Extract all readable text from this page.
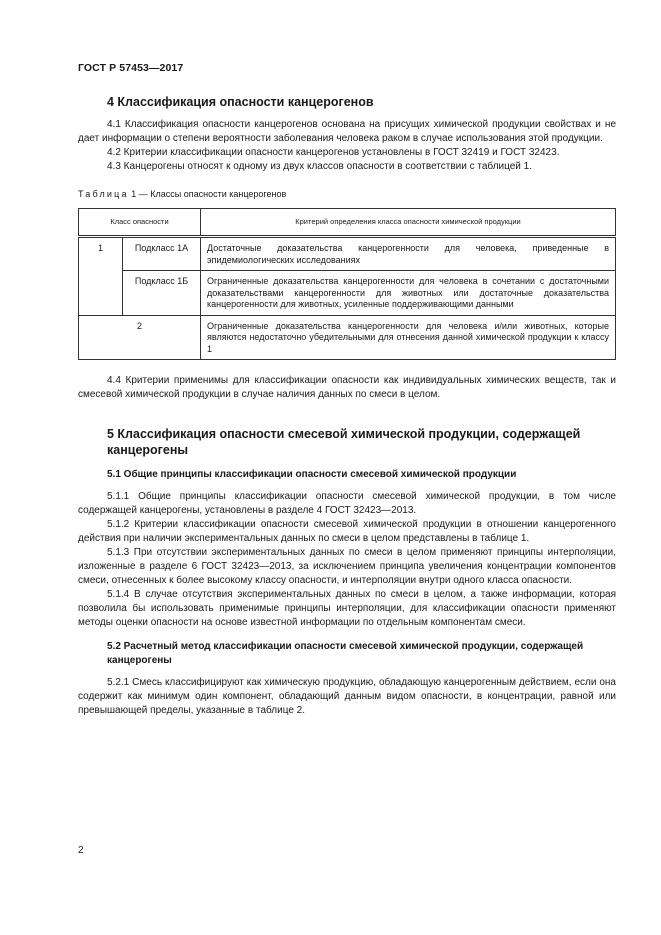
ГОСТ Р 57453—2017
4 Классификация опасности канцерогенов

4.1 Классификация опасности канцерогенов основана на присущих химической продукции свойствах и не дает информации о степени вероятности заболевания человека раком в случае использования этой продукции.

4.2 Критерии классификации опасности канцерогенов установлены в ГОСТ 32419 и ГОСТ 32423.

4.3 Канцерогены относят к одному из двух классов опасности в соответствии с таблицей 1.

Таблица 1 — Классы опасности канцерогенов
Класс опасности		Критерий определения класса опасности химической продукции
1	Подкласс 1А	Достаточные доказательства канцерогенности для человека, приведенные в эпидемиологических исследованиях
	Подкласс 1Б	Ограниченные доказательства канцерогенности для человека в сочетании с достаточными доказательствами канцерогенности для животных или достаточные доказательства канцерогенности для животных, усиленные поддерживающими данными
2		Ограниченные доказательства канцерогенности для человека и/или животных, которые являются недостаточно убедительными для отнесения данной химической продукции к классу 1

4.4 Критерии применимы для классификации опасности как индивидуальных химических веществ, так и смесевой химической продукции в случае наличия данных по смеси в целом.

5 Классификация опасности смесевой химической продукции, содержащей канцерогены
5.1 Общие принципы классификации опасности смесевой химической продукции

5.1.1 Общие принципы классификации опасности смесевой химической продукции, в том числе содержащей канцерогены, установлены в разделе 4 ГОСТ 32423—2013.

5.1.2 Критерии классификации опасности смесевой химической продукции в отношении канцерогенного действия при наличии экспериментальных данных по смеси в целом представлены в таблице 1.

5.1.3 При отсутствии экспериментальных данных по смеси в целом применяют принципы интерполяции, изложенные в разделе 6 ГОСТ 32423—2013, за исключением принципа увеличения концентрации компонентов смеси, отнесенных к более высокому классу опасности, и интерполяции внутри одного класса опасности.

5.1.4 В случае отсутствия экспериментальных данных по смеси в целом, а также информации, которая позволила бы использовать применимые принципы интерполяции, для классификации опасности применяют методы оценки опасности на основе известной информации по отдельным компонентам смеси.

5.2 Расчетный метод классификации опасности смесевой химической продукции, содержащей канцерогены

5.2.1 Смесь классифицируют как химическую продукцию, обладающую канцерогенным действием, если она содержит как минимум один компонент, обладающий данным видом опасности, в концентрации, равной или превышающей пределы, указанные в таблице 2.

2
